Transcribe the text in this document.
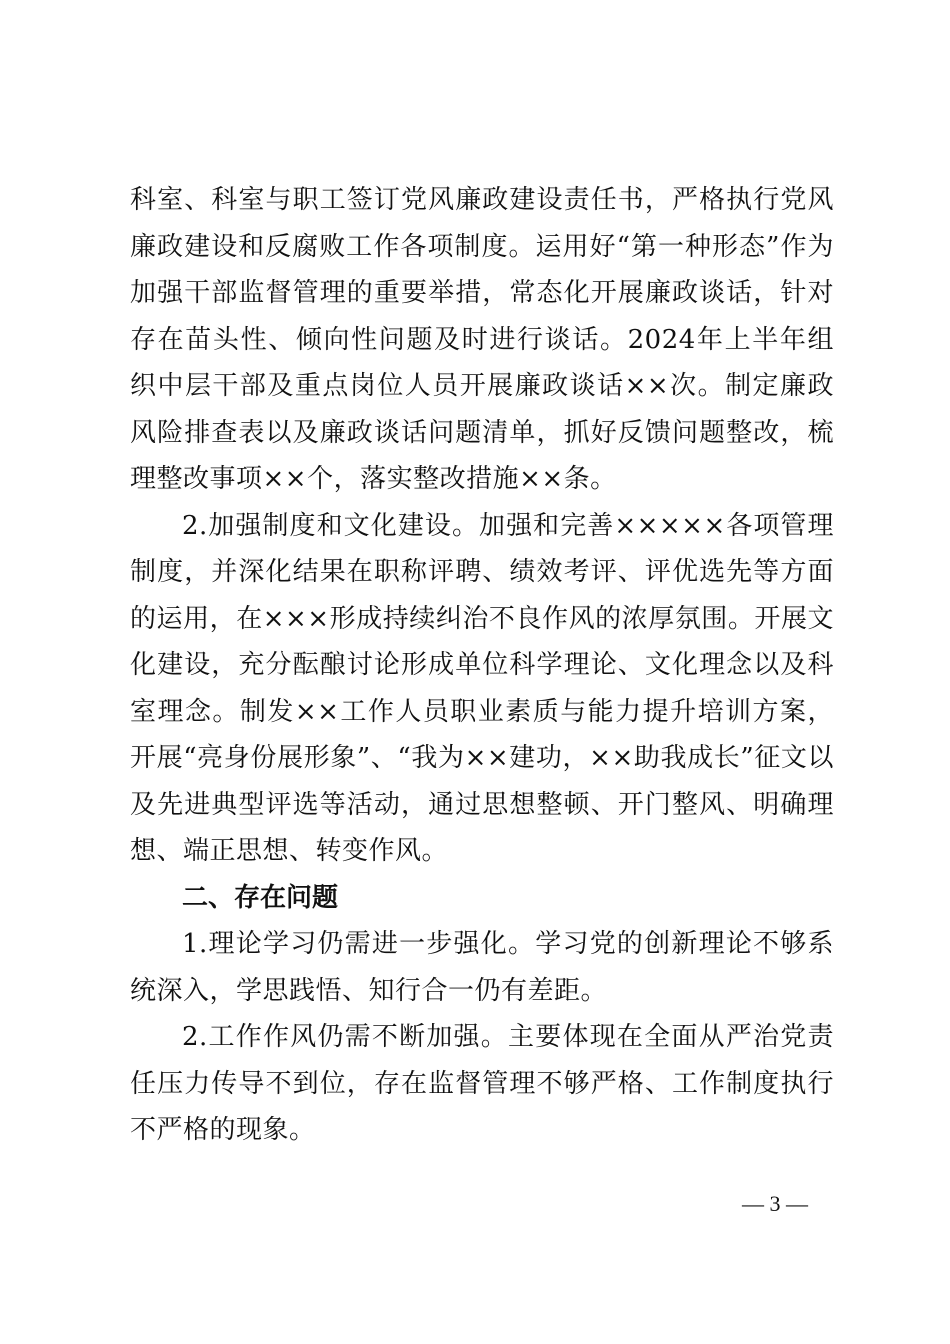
科室、科室与职工签订党风廉政建设责任书，严格执行党风廉政建设和反腐败工作各项制度。运用好“第一种形态”作为加强干部监督管理的重要举措，常态化开展廉政谈话，针对存在苗头性、倾向性问题及时进行谈话。2024年上半年组织中层干部及重点岗位人员开展廉政谈话××次。制定廉政风险排查表以及廉政谈话问题清单，抓好反馈问题整改，梳理整改事项××个，落实整改措施××条。

2.加强制度和文化建设。加强和完善×××××各项管理制度，并深化结果在职称评聘、绩效考评、评优选先等方面的运用，在×××形成持续纠治不良作风的浓厚氛围。开展文化建设，充分酝酿讨论形成单位科学理论、文化理念以及科室理念。制发××工作人员职业素质与能力提升培训方案，开展“亮身份展形象”、“我为××建功，××助我成长”征文以及先进典型评选等活动，通过思想整顿、开门整风、明确理想、端正思想、转变作风。

二、存在问题

1.理论学习仍需进一步强化。学习党的创新理论不够系统深入，学思践悟、知行合一仍有差距。

2.工作作风仍需不断加强。主要体现在全面从严治党责任压力传导不到位，存在监督管理不够严格、工作制度执行不严格的现象。

— 3 —
